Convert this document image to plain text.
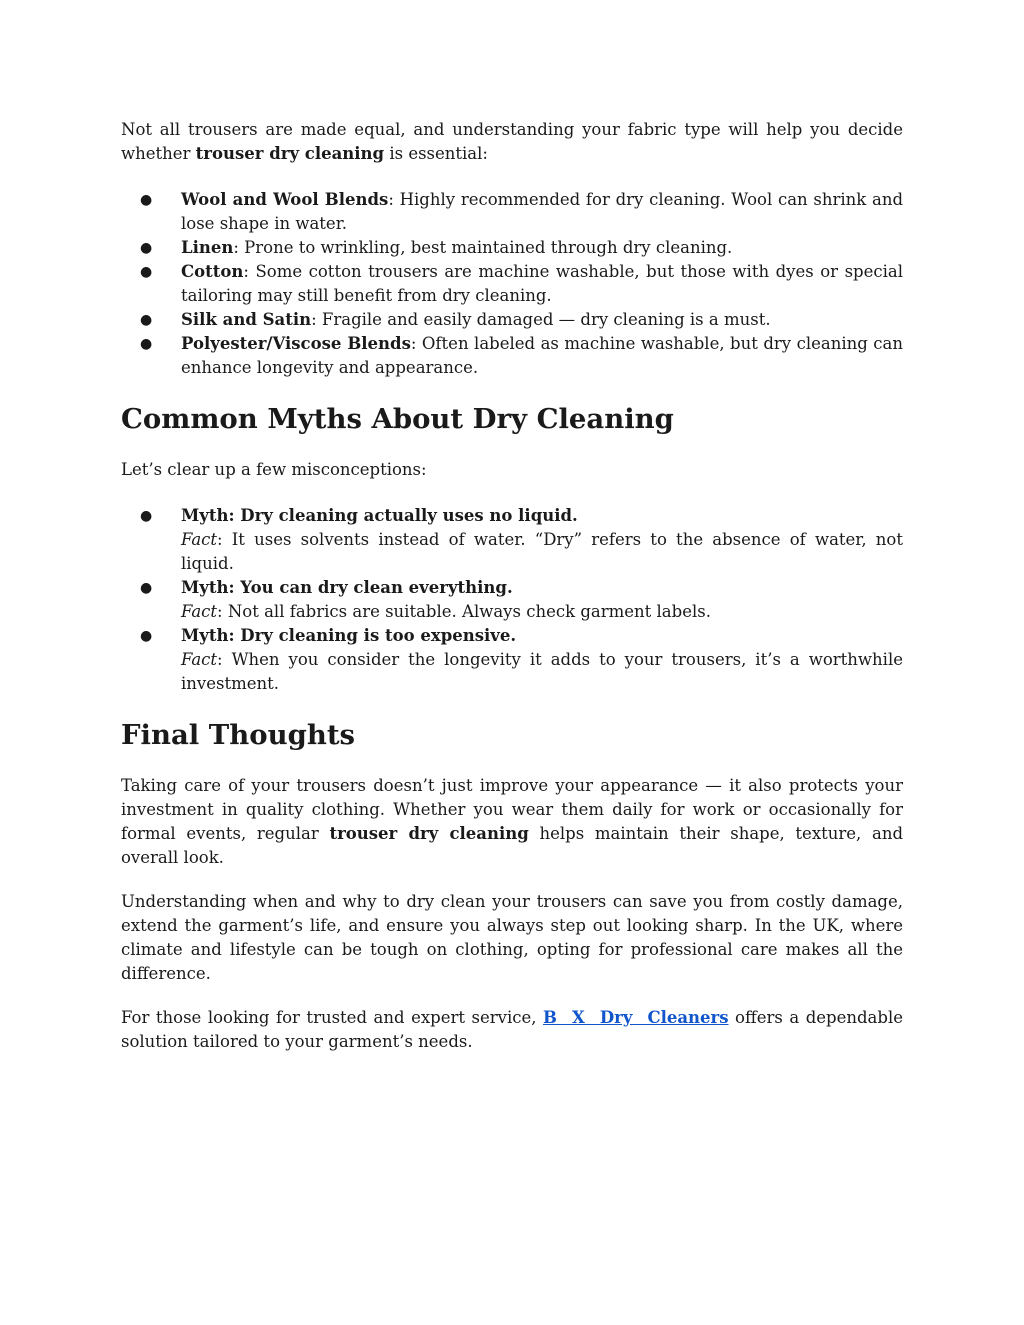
Not all trousers are made equal, and understanding your fabric type will help you decide whether trouser dry cleaning is essential:

● Wool and Wool Blends: Highly recommended for dry cleaning. Wool can shrink and lose shape in water.
● Linen: Prone to wrinkling, best maintained through dry cleaning.
● Cotton: Some cotton trousers are machine washable, but those with dyes or special tailoring may still benefit from dry cleaning.
● Silk and Satin: Fragile and easily damaged — dry cleaning is a must.
● Polyester/Viscose Blends: Often labeled as machine washable, but dry cleaning can enhance longevity and appearance.
Common Myths About Dry Cleaning

Let’s clear up a few misconceptions:

● Myth: Dry cleaning actually uses no liquid.
Fact: It uses solvents instead of water. “Dry” refers to the absence of water, not liquid.
● Myth: You can dry clean everything.
Fact: Not all fabrics are suitable. Always check garment labels.
● Myth: Dry cleaning is too expensive.
Fact: When you consider the longevity it adds to your trousers, it’s a worthwhile investment.
Final Thoughts

Taking care of your trousers doesn’t just improve your appearance — it also protects your investment in quality clothing. Whether you wear them daily for work or occasionally for formal events, regular trouser dry cleaning helps maintain their shape, texture, and overall look.

Understanding when and why to dry clean your trousers can save you from costly damage, extend the garment’s life, and ensure you always step out looking sharp. In the UK, where climate and lifestyle can be tough on clothing, opting for professional care makes all the difference.

For those looking for trusted and expert service, B X Dry Cleaners offers a dependable solution tailored to your garment’s needs.
